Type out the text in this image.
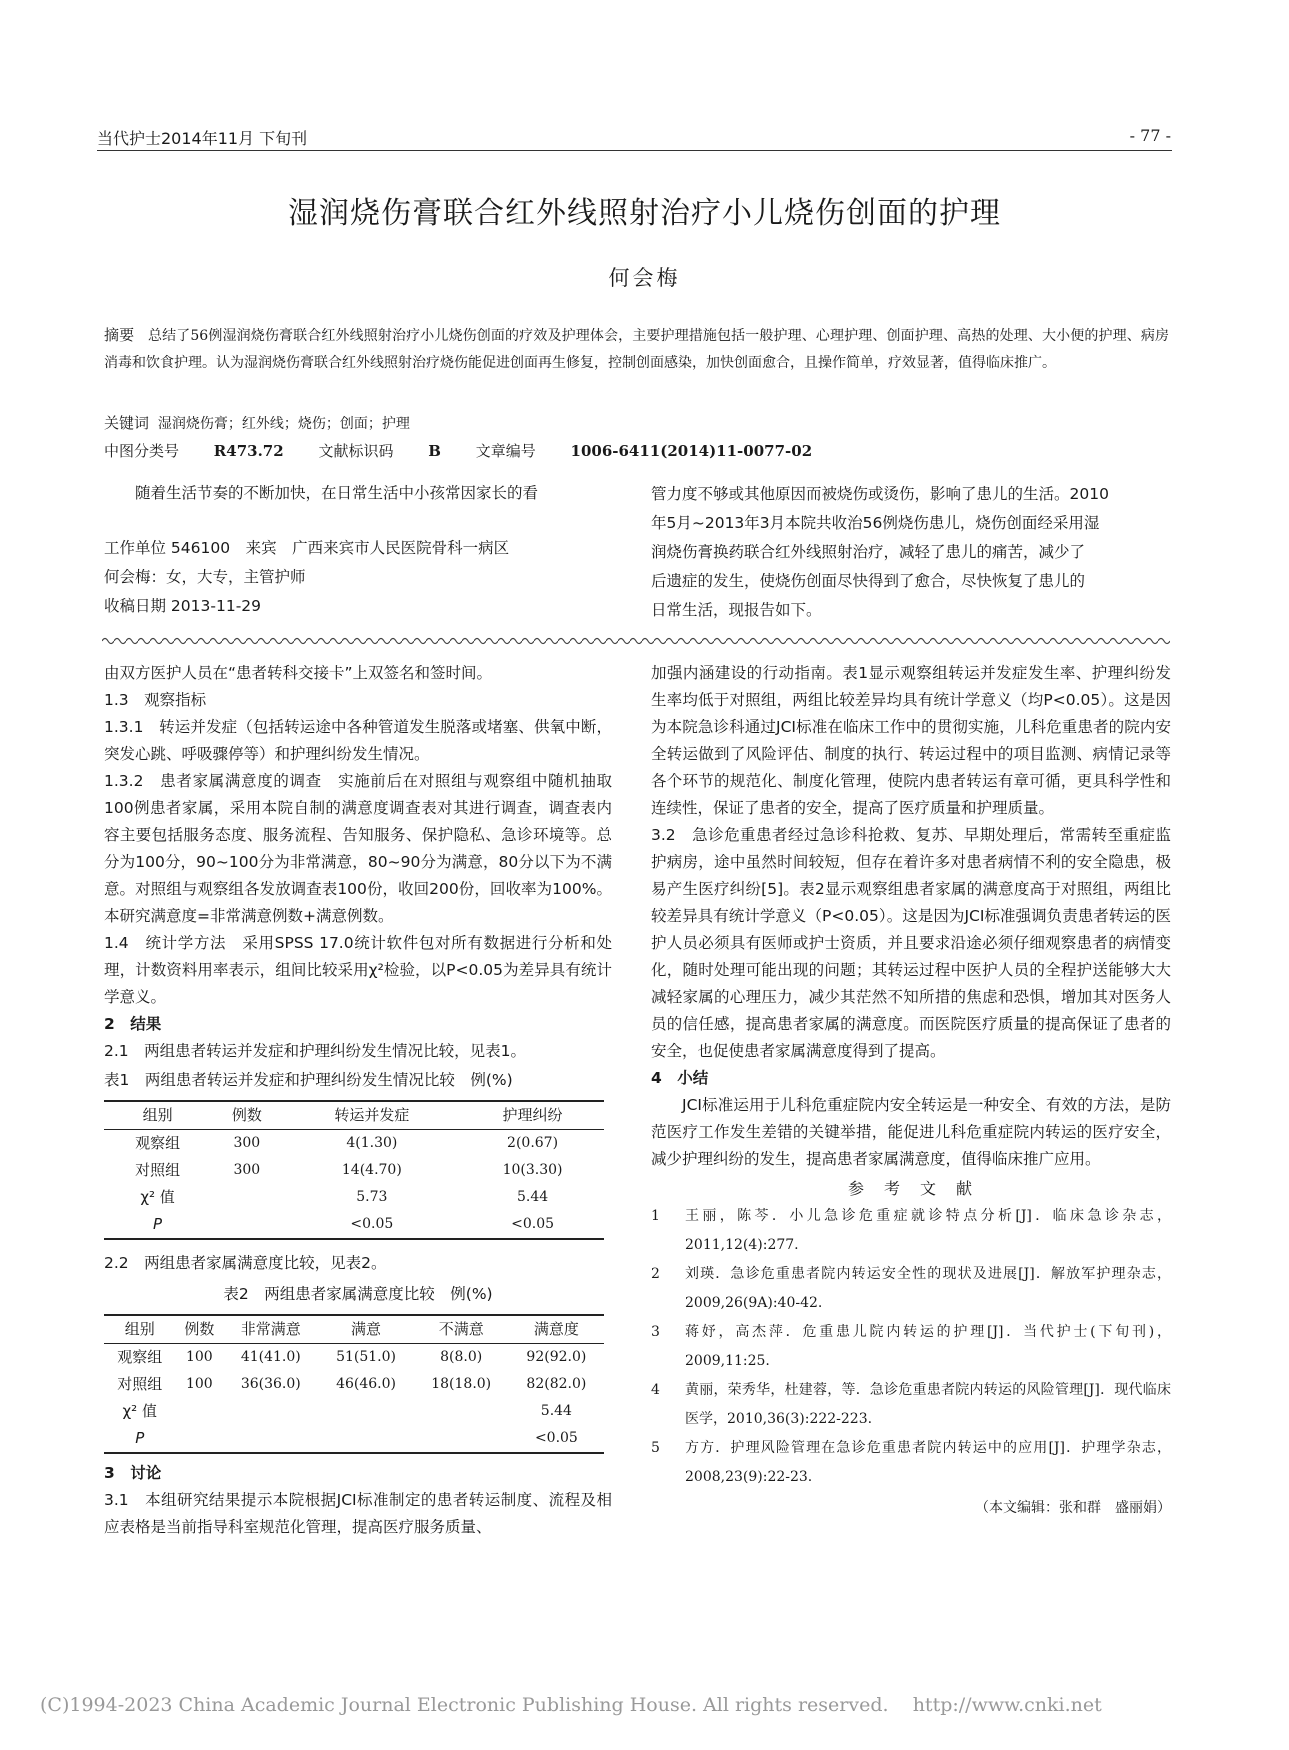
当代护士2014年11月 下旬刊	- 77 -
湿润烧伤膏联合红外线照射治疗小儿烧伤创面的护理
何会梅
摘要 总结了56例湿润烧伤膏联合红外线照射治疗小儿烧伤创面的疗效及护理体会，主要护理措施包括一般护理、心理护理、创面护理、高热的处理、大小便的护理、病房消毒和饮食护理。认为湿润烧伤膏联合红外线照射治疗烧伤能促进创面再生修复，控制创面感染，加快创面愈合，且操作简单，疗效显著，值得临床推广。
关键词 湿润烧伤膏；红外线；烧伤；创面；护理
中图分类号 R473.72 文献标识码 B 文章编号 1006-6411(2014)11-0077-02

随着生活节奏的不断加快，在日常生活中小孩常因家长的看

工作单位 546100　来宾　广西来宾市人民医院骨科一病区

何会梅：女，大专，主管护师

收稿日期 2013-11-29

管力度不够或其他原因而被烧伤或烫伤，影响了患儿的生活。2010

年5月~2013年3月本院共收治56例烧伤患儿，烧伤创面经采用湿

润烧伤膏换药联合红外线照射治疗，减轻了患儿的痛苦，减少了

后遗症的发生，使烧伤创面尽快得到了愈合，尽快恢复了患儿的

日常生活，现报告如下。

由双方医护人员在“患者转科交接卡”上双签名和签时间。

1.3　观察指标

1.3.1　转运并发症（包括转运途中各种管道发生脱落或堵塞、供氧中断，突发心跳、呼吸骤停等）和护理纠纷发生情况。

1.3.2　患者家属满意度的调查　实施前后在对照组与观察组中随机抽取100例患者家属，采用本院自制的满意度调查表对其进行调查，调查表内容主要包括服务态度、服务流程、告知服务、保护隐私、急诊环境等。总分为100分，90~100分为非常满意，80~90分为满意，80分以下为不满意。对照组与观察组各发放调查表100份，收回200份，回收率为100%。本研究满意度=非常满意例数+满意例数。

1.4　统计学方法　采用SPSS 17.0统计软件包对所有数据进行分析和处理，计数资料用率表示，组间比较采用χ²检验，以P<0.05为差异具有统计学意义。

2　结果

2.1　两组患者转运并发症和护理纠纷发生情况比较，见表1。

表1　两组患者转运并发症和护理纠纷发生情况比较　例(%)

组别	例数	转运并发症	护理纠纷
观察组	300	4(1.30)	2(0.67)
对照组	300	14(4.70)	10(3.30)
χ² 值		5.73	5.44
P		<0.05	<0.05

2.2　两组患者家属满意度比较，见表2。

表2　两组患者家属满意度比较　例(%)

组别	例数	非常满意	满意	不满意	满意度
观察组	100	41(41.0)	51(51.0)	8(8.0)	92(92.0)
对照组	100	36(36.0)	46(46.0)	18(18.0)	82(82.0)
χ² 值					5.44
P					<0.05

3　讨论

3.1　本组研究结果提示本院根据JCI标准制定的患者转运制度、流程及相应表格是当前指导科室规范化管理，提高医疗服务质量、

加强内涵建设的行动指南。表1显示观察组转运并发症发生率、护理纠纷发生率均低于对照组，两组比较差异均具有统计学意义（均P<0.05）。这是因为本院急诊科通过JCI标准在临床工作中的贯彻实施，儿科危重患者的院内安全转运做到了风险评估、制度的执行、转运过程中的项目监测、病情记录等各个环节的规范化、制度化管理，使院内患者转运有章可循，更具科学性和连续性，保证了患者的安全，提高了医疗质量和护理质量。

3.2　急诊危重患者经过急诊科抢救、复苏、早期处理后，常需转至重症监护病房，途中虽然时间较短，但存在着许多对患者病情不利的安全隐患，极易产生医疗纠纷[5]。表2显示观察组患者家属的满意度高于对照组，两组比较差异具有统计学意义（P<0.05）。这是因为JCI标准强调负责患者转运的医护人员必须具有医师或护士资质，并且要求沿途必须仔细观察患者的病情变化，随时处理可能出现的问题；其转运过程中医护人员的全程护送能够大大减轻家属的心理压力，减少其茫然不知所措的焦虑和恐惧，增加其对医务人员的信任感，提高患者家属的满意度。而医院医疗质量的提高保证了患者的安全，也促使患者家属满意度得到了提高。

4　小结

JCI标准运用于儿科危重症院内安全转运是一种安全、有效的方法，是防范医疗工作发生差错的关键举措，能促进儿科危重症院内转运的医疗安全，减少护理纠纷的发生，提高患者家属满意度，值得临床推广应用。

参　考　文　献

1 王丽，陈芩．小儿急诊危重症就诊特点分析[J]．临床急诊杂志，2011,12(4):277.
2 刘瑛．急诊危重患者院内转运安全性的现状及进展[J]．解放军护理杂志，2009,26(9A):40-42.
3 蒋妤，高杰萍．危重患儿院内转运的护理[J]．当代护士(下旬刊)，2009,11:25.
4 黄丽，荣秀华，杜建蓉，等．急诊危重患者院内转运的风险管理[J]．现代临床医学，2010,36(3):222-223.
5 方方．护理风险管理在急诊危重患者院内转运中的应用[J]．护理学杂志，2008,23(9):22-23.

（本文编辑：张和群　盛丽娟）

(C)1994-2023 China Academic Journal Electronic Publishing House. All rights reserved.    http://www.cnki.net
